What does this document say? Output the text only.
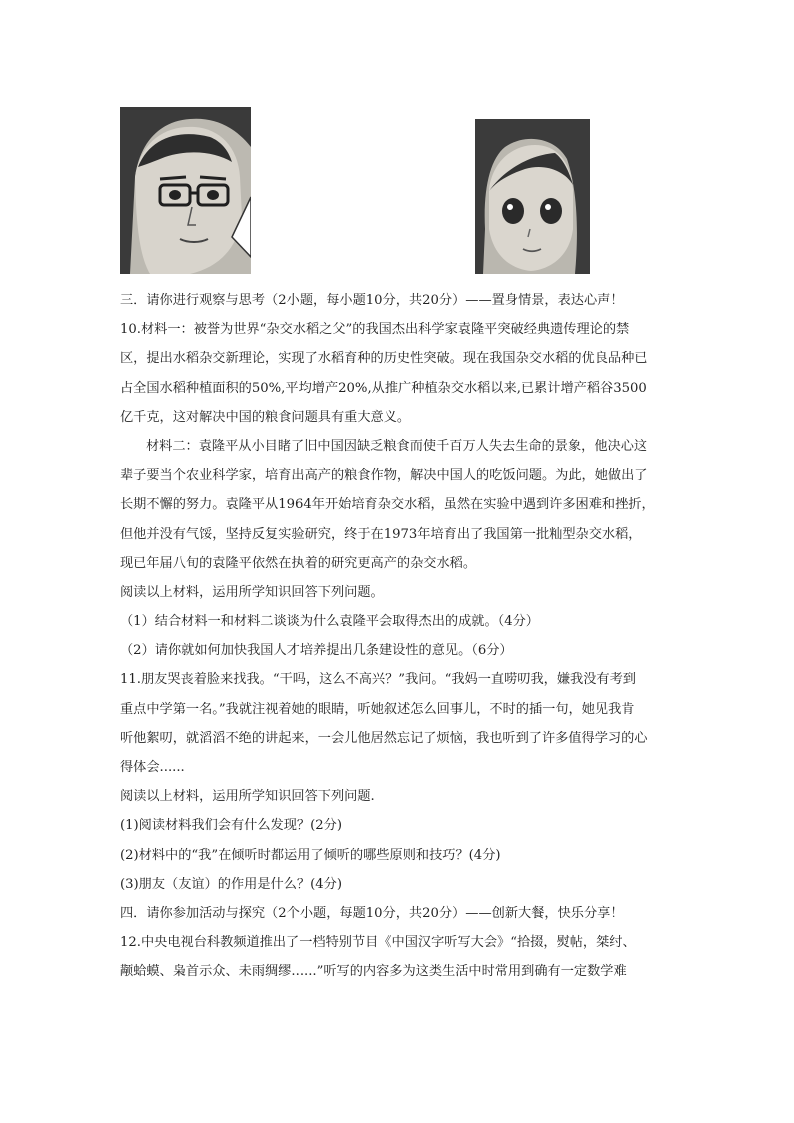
三．请你进行观察与思考（2小题，每小题10分，共20分）——置身情景，表达心声！
10.材料一：被誉为世界“杂交水稻之父”的我国杰出科学家袁隆平突破经典遗传理论的禁
区，提出水稻杂交新理论，实现了水稻育种的历史性突破。现在我国杂交水稻的优良品种已
占全国水稻种植面积的50%,平均增产20%,从推广种植杂交水稻以来,已累计增产稻谷3500
亿千克，这对解决中国的粮食问题具有重大意义。
材料二：袁隆平从小目睹了旧中国因缺乏粮食而使千百万人失去生命的景象，他决心这
辈子要当个农业科学家，培育出高产的粮食作物，解决中国人的吃饭问题。为此，她做出了
长期不懈的努力。袁隆平从1964年开始培育杂交水稻，虽然在实验中遇到许多困难和挫折，
但他并没有气馁，坚持反复实验研究，终于在1973年培育出了我国第一批籼型杂交水稻，
现已年届八旬的袁隆平依然在执着的研究更高产的杂交水稻。
阅读以上材料，运用所学知识回答下列问题。
（1）结合材料一和材料二谈谈为什么袁隆平会取得杰出的成就。（4分）
（2）请你就如何加快我国人才培养提出几条建设性的意见。（6分）
11.朋友哭丧着脸来找我。“干吗，这么不高兴？”我问。“我妈一直唠叨我，嫌我没有考到
重点中学第一名。”我就注视着她的眼睛，听她叙述怎么回事儿，不时的插一句，她见我肯
听他絮叨，就滔滔不绝的讲起来，一会儿他居然忘记了烦恼，我也听到了许多值得学习的心
得体会......
阅读以上材料，运用所学知识回答下列问题.
(1)阅读材料我们会有什么发现？(2分)
(2)材料中的“我”在倾听时都运用了倾听的哪些原则和技巧？(4分)
(3)朋友（友谊）的作用是什么？(4分)
四．请你参加活动与探究（2个小题，每题10分，共20分）——创新大餐，快乐分享！
12.中央电视台科教频道推出了一档特别节目《中国汉字听写大会》“拾掇，熨帖，桀纣、
颟蛤蟆、枭首示众、未雨绸缪......”听写的内容多为这类生活中时常用到确有一定数学难
